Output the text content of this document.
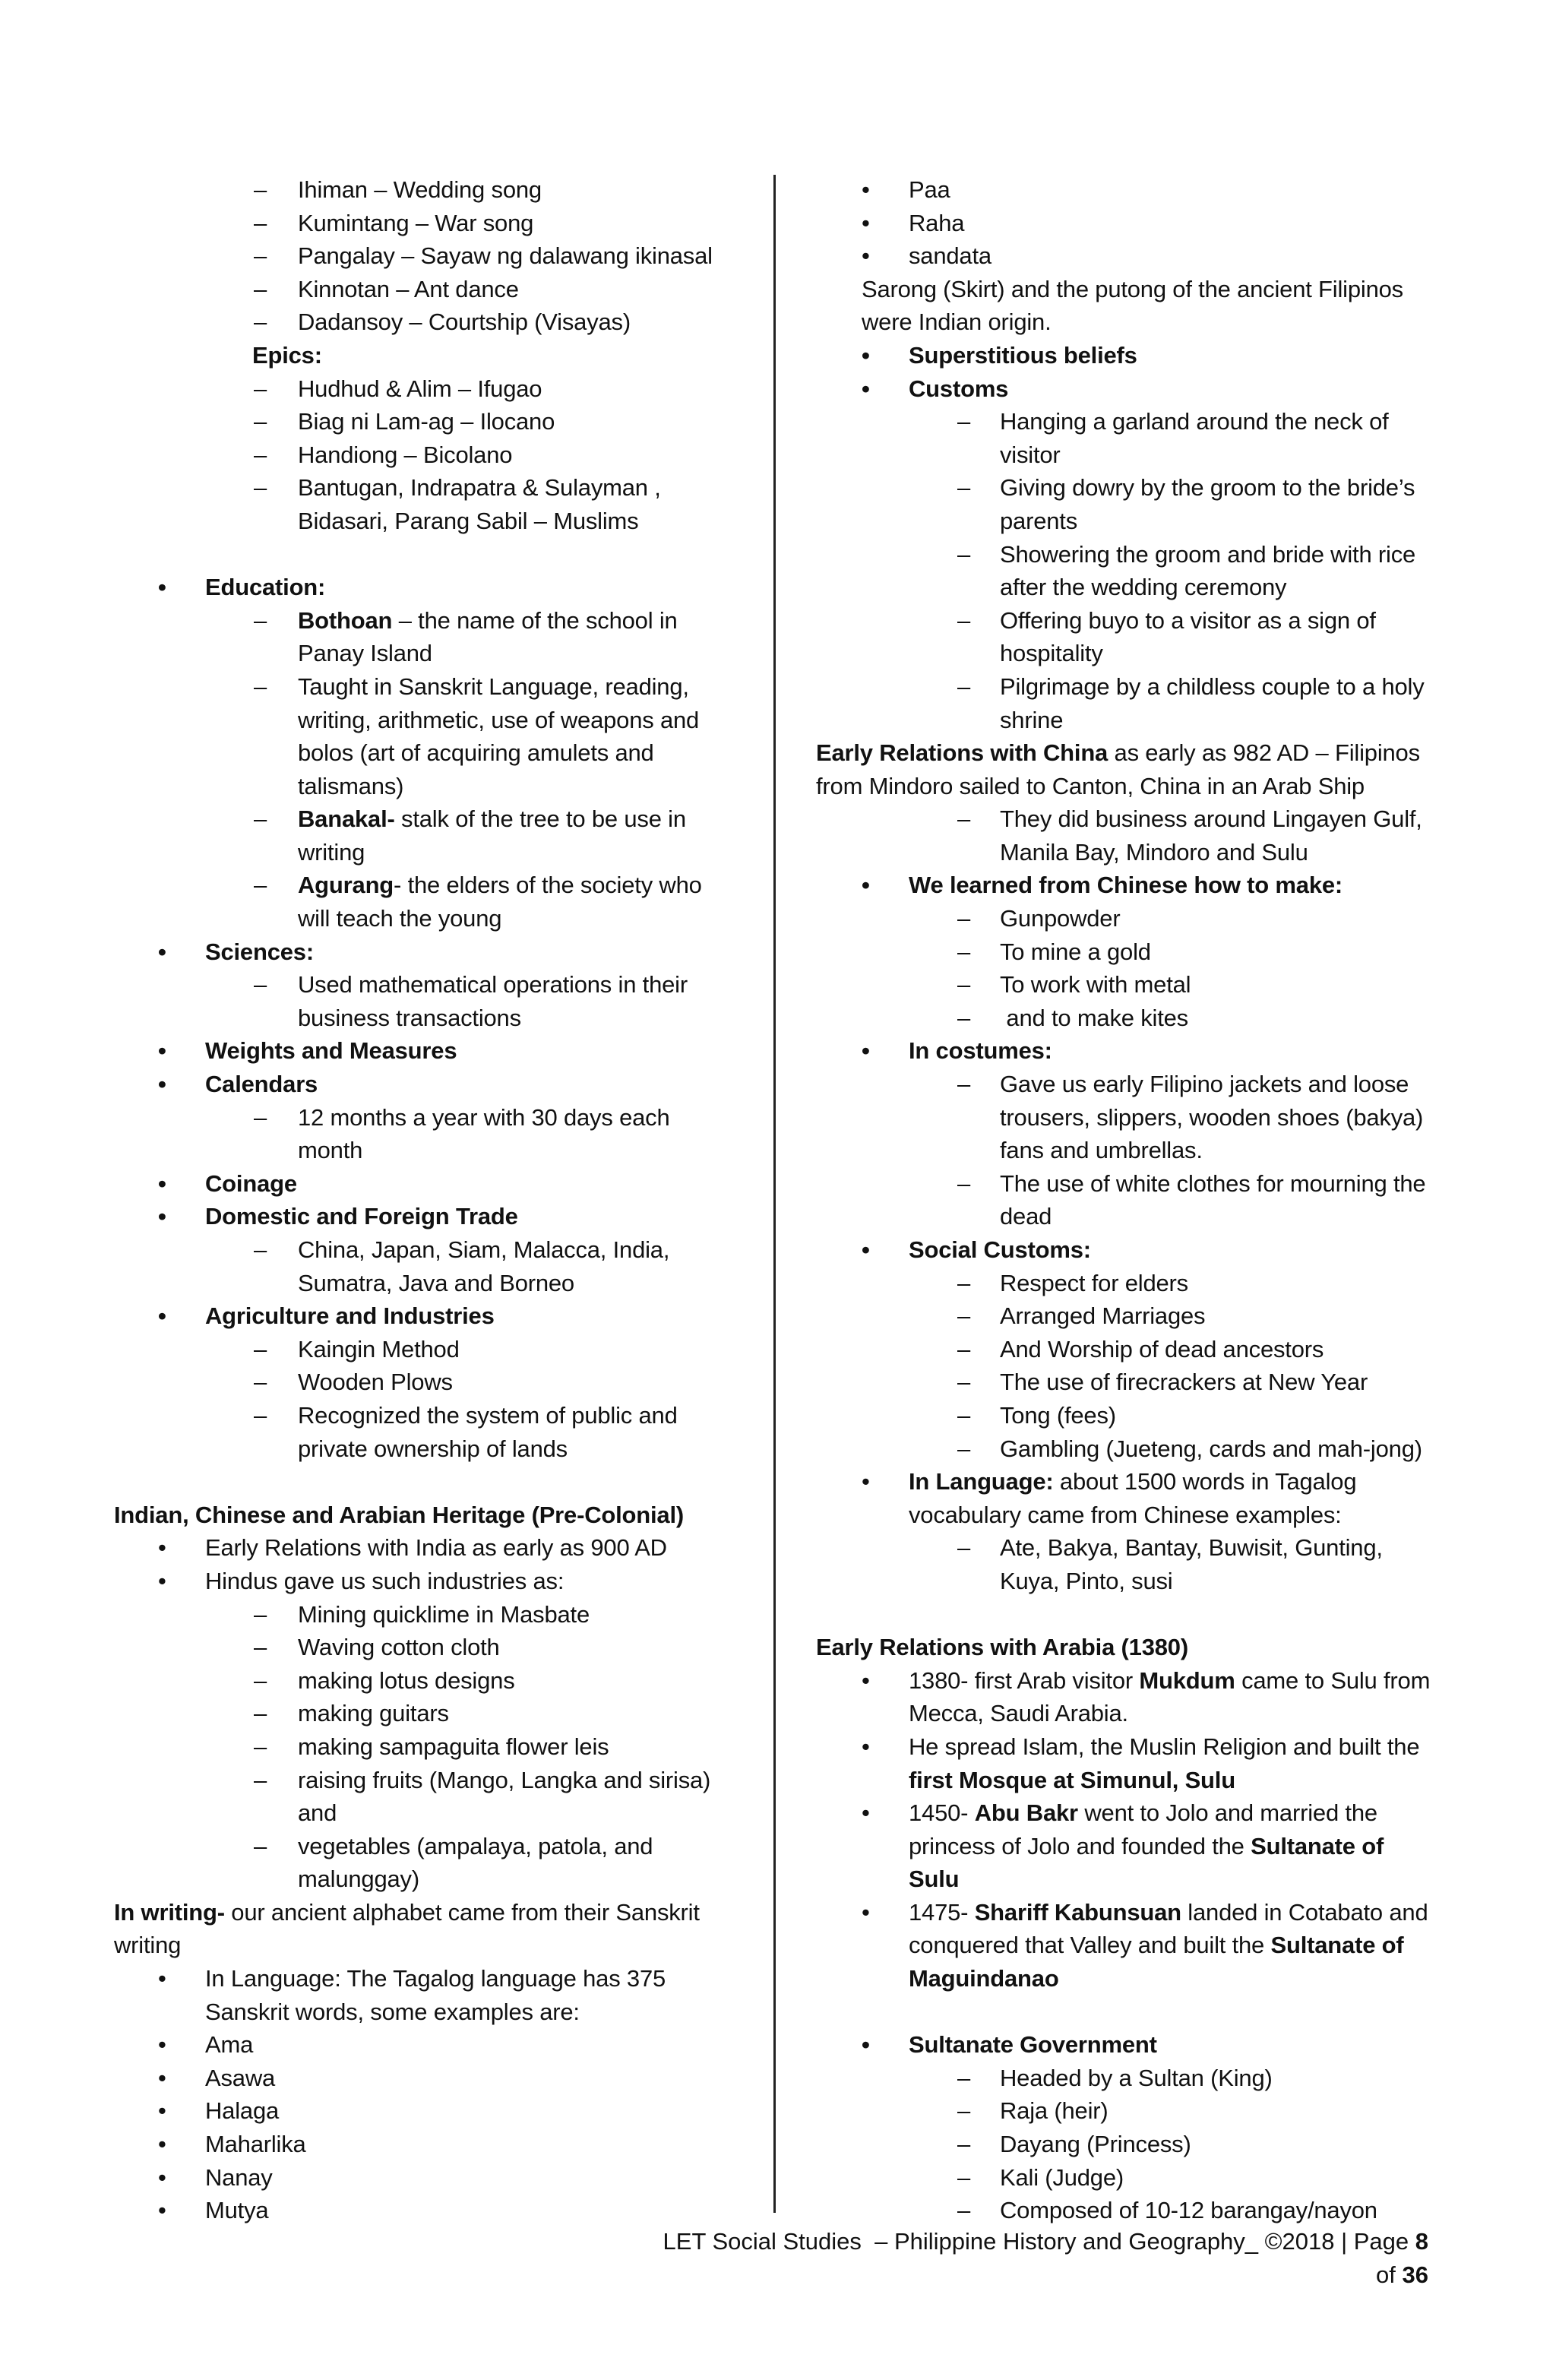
– Ihiman – Wedding song
– Kumintang – War song
– Pangalay – Sayaw ng dalawang ikinasal
– Kinnotan – Ant dance
– Dadansoy – Courtship (Visayas)
Epics:
– Hudhud & Alim – Ifugao
– Biag ni Lam-ag – Ilocano
– Handiong – Bicolano
– Bantugan, Indrapatra & Sulayman ,
Bidasari, Parang Sabil – Muslims
• Education:
– Bothoan – the name of the school in
Panay Island
– Taught in Sanskrit Language, reading,
writing, arithmetic, use of weapons and
bolos (art of acquiring amulets and
talismans)
– Banakal- stalk of the tree to be use in
writing
– Agurang- the elders of the society who
will teach the young
• Sciences:
– Used mathematical operations in their
business transactions
• Weights and Measures
• Calendars
– 12 months a year with 30 days each
month
• Coinage
• Domestic and Foreign Trade
– China, Japan, Siam, Malacca, India,
Sumatra, Java and Borneo
• Agriculture and Industries
– Kaingin Method
– Wooden Plows
– Recognized the system of public and
private ownership of lands
Indian, Chinese and Arabian Heritage (Pre-Colonial)
• Early Relations with India as early as 900 AD
• Hindus gave us such industries as:
– Mining quicklime in Masbate
– Waving cotton cloth
– making lotus designs
– making guitars
– making sampaguita flower leis
– raising fruits (Mango, Langka and sirisa)
and
– vegetables (ampalaya, patola, and
malunggay)
In writing- our ancient alphabet came from their Sanskrit
writing
• In Language: The Tagalog language has 375
Sanskrit words, some examples are:
• Ama
• Asawa
• Halaga
• Maharlika
• Nanay
• Mutya
• Paa
• Raha
• sandata
Sarong (Skirt) and the putong of the ancient Filipinos
were Indian origin.
• Superstitious beliefs
• Customs
– Hanging a garland around the neck of
visitor
– Giving dowry by the groom to the bride’s
parents
– Showering the groom and bride with rice
after the wedding ceremony
– Offering buyo to a visitor as a sign of
hospitality
– Pilgrimage by a childless couple to a holy
shrine
Early Relations with China as early as 982 AD – Filipinos
from Mindoro sailed to Canton, China in an Arab Ship
– They did business around Lingayen Gulf,
Manila Bay, Mindoro and Sulu
• We learned from Chinese how to make:
– Gunpowder
– To mine a gold
– To work with metal
– and to make kites
• In costumes:
– Gave us early Filipino jackets and loose
trousers, slippers, wooden shoes (bakya)
fans and umbrellas.
– The use of white clothes for mourning the
dead
• Social Customs:
– Respect for elders
– Arranged Marriages
– And Worship of dead ancestors
– The use of firecrackers at New Year
– Tong (fees)
– Gambling (Jueteng, cards and mah-jong)
• In Language: about 1500 words in Tagalog
vocabulary came from Chinese examples:
– Ate, Bakya, Bantay, Buwisit, Gunting,
Kuya, Pinto, susi
Early Relations with Arabia (1380)
• 1380- first Arab visitor Mukdum came to Sulu from
Mecca, Saudi Arabia.
• He spread Islam, the Muslin Religion and built the
first Mosque at Simunul, Sulu
• 1450- Abu Bakr went to Jolo and married the
princess of Jolo and founded the Sultanate of
Sulu
• 1475- Shariff Kabunsuan landed in Cotabato and
conquered that Valley and built the Sultanate of
Maguindanao
• Sultanate Government
– Headed by a Sultan (King)
– Raja (heir)
– Dayang (Princess)
– Kali (Judge)
– Composed of 10-12 barangay/nayon
LET Social Studies  – Philippine History and Geography_ ©2018 | Page 8 of 36
